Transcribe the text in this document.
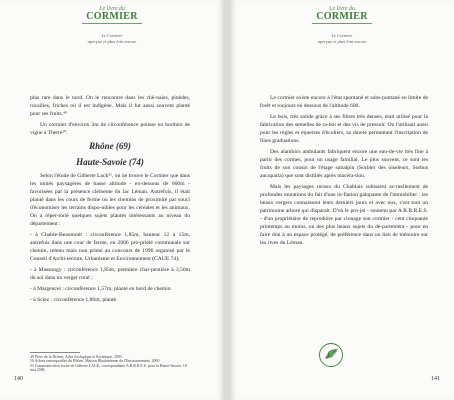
Le livre du
CORMIER
Le Cormier
aperçue et plus loin encore

plus rare dans le nord. On le rencontre dans les chê-naies, pinèdes, rocailles, friches où il est indigène. Mais il fut aussi souvent planté pour ses fruits.⁴⁹

Un cormier d'environ 3m de circonférence pousse en bordure de vigne à Thetre⁵⁰.

Rhône (69)
Haute-Savoie (74)

Selon l'étude de Gilberte Lack⁵¹, on ne trouve le Cormier que dans les unités paysagères de basse altitude - en-dessous de 600m - favorisées par la présence clémente du lac Léman. Autrefois, il était planté dans les cours de ferme ou les chemins de proximité par souci d'économiser les terrains dispo-nibles pour les céréales et les animaux. On a réper-torié quelques sujets plantés intéressants au niveau du département :

- à Chable-Beaumont : circonférence 1,85m, hauteur 12 à 15m, autrefois dans une cour de ferme, en 2006 pro-priété communale sur chemin, retenu mais non primé au concours de 1996 organisé par le Conseil d'Archi-tecture, Urbanisme et Environnement (CAUE 74);

- à Massongy : circonférence 1,85m, première char-pentière à 3,50m du sol dans un verger rural ;

- à Margencel : circonférence 1,57m, planté en bord de chemin

- à Sciez : circonférence 1,86m, planté.

49 Flore de la Drôme, Atlas écologique et floristique, 2003

50 Arbres remarquables du Rhône, Maison Rhodanienne de l'Environnement, 2000

51 Communication écrite de Gilberte LACK, correspondante A.R.B.R.E.S. pour la Haute-Savoie, 10 mai 2006

140
Le livre du
CORMIER
Le Cormier
aperçue et plus loin encore

Le cormier existe encore à l'état spontané et subs-pontané en limite de forêt et toujours en dessous de l'altitude 600.

Le bois, très solide grâce à ses fibres très denses, était utilisé pour la fabrication des semelles de ra-bot et des vis de pressoir. On l'utilisait aussi pour les règles et équerres d'écoliers, sa dureté permettant l'inscription de fines graduations.

Des alambics ambulants fabriquent encore une eau-de-vie très fine à partir des cormes, pour un usage familial. Le plus souvent, ce sont les fruits de son cousin de l'étage subalpin (Sorbier des oiseleurs, Sorbus aucuparia) que sont distillés après macéra-tion.

Mais les paysages ruraux du Chablais subissent ac-tuellement de profondes mutations du fait d'une in-flation galopante de l'immobilier : les beaux vergers connaissent leurs derniers jours et avec eux, c'est tout un patrimoine arboré qui disparait. D'où le pro-jet - soutenu par A.R.B.R.E.S. - d'un propriétaire de reproduire par clonage son cormier - cent cinquante printemps au moins, un des plus beaux sujets du dé-partement - pour en faire don à un espace protégé, de préférence dans un lieu de mémoire sur les rives du Léman.

C
141
